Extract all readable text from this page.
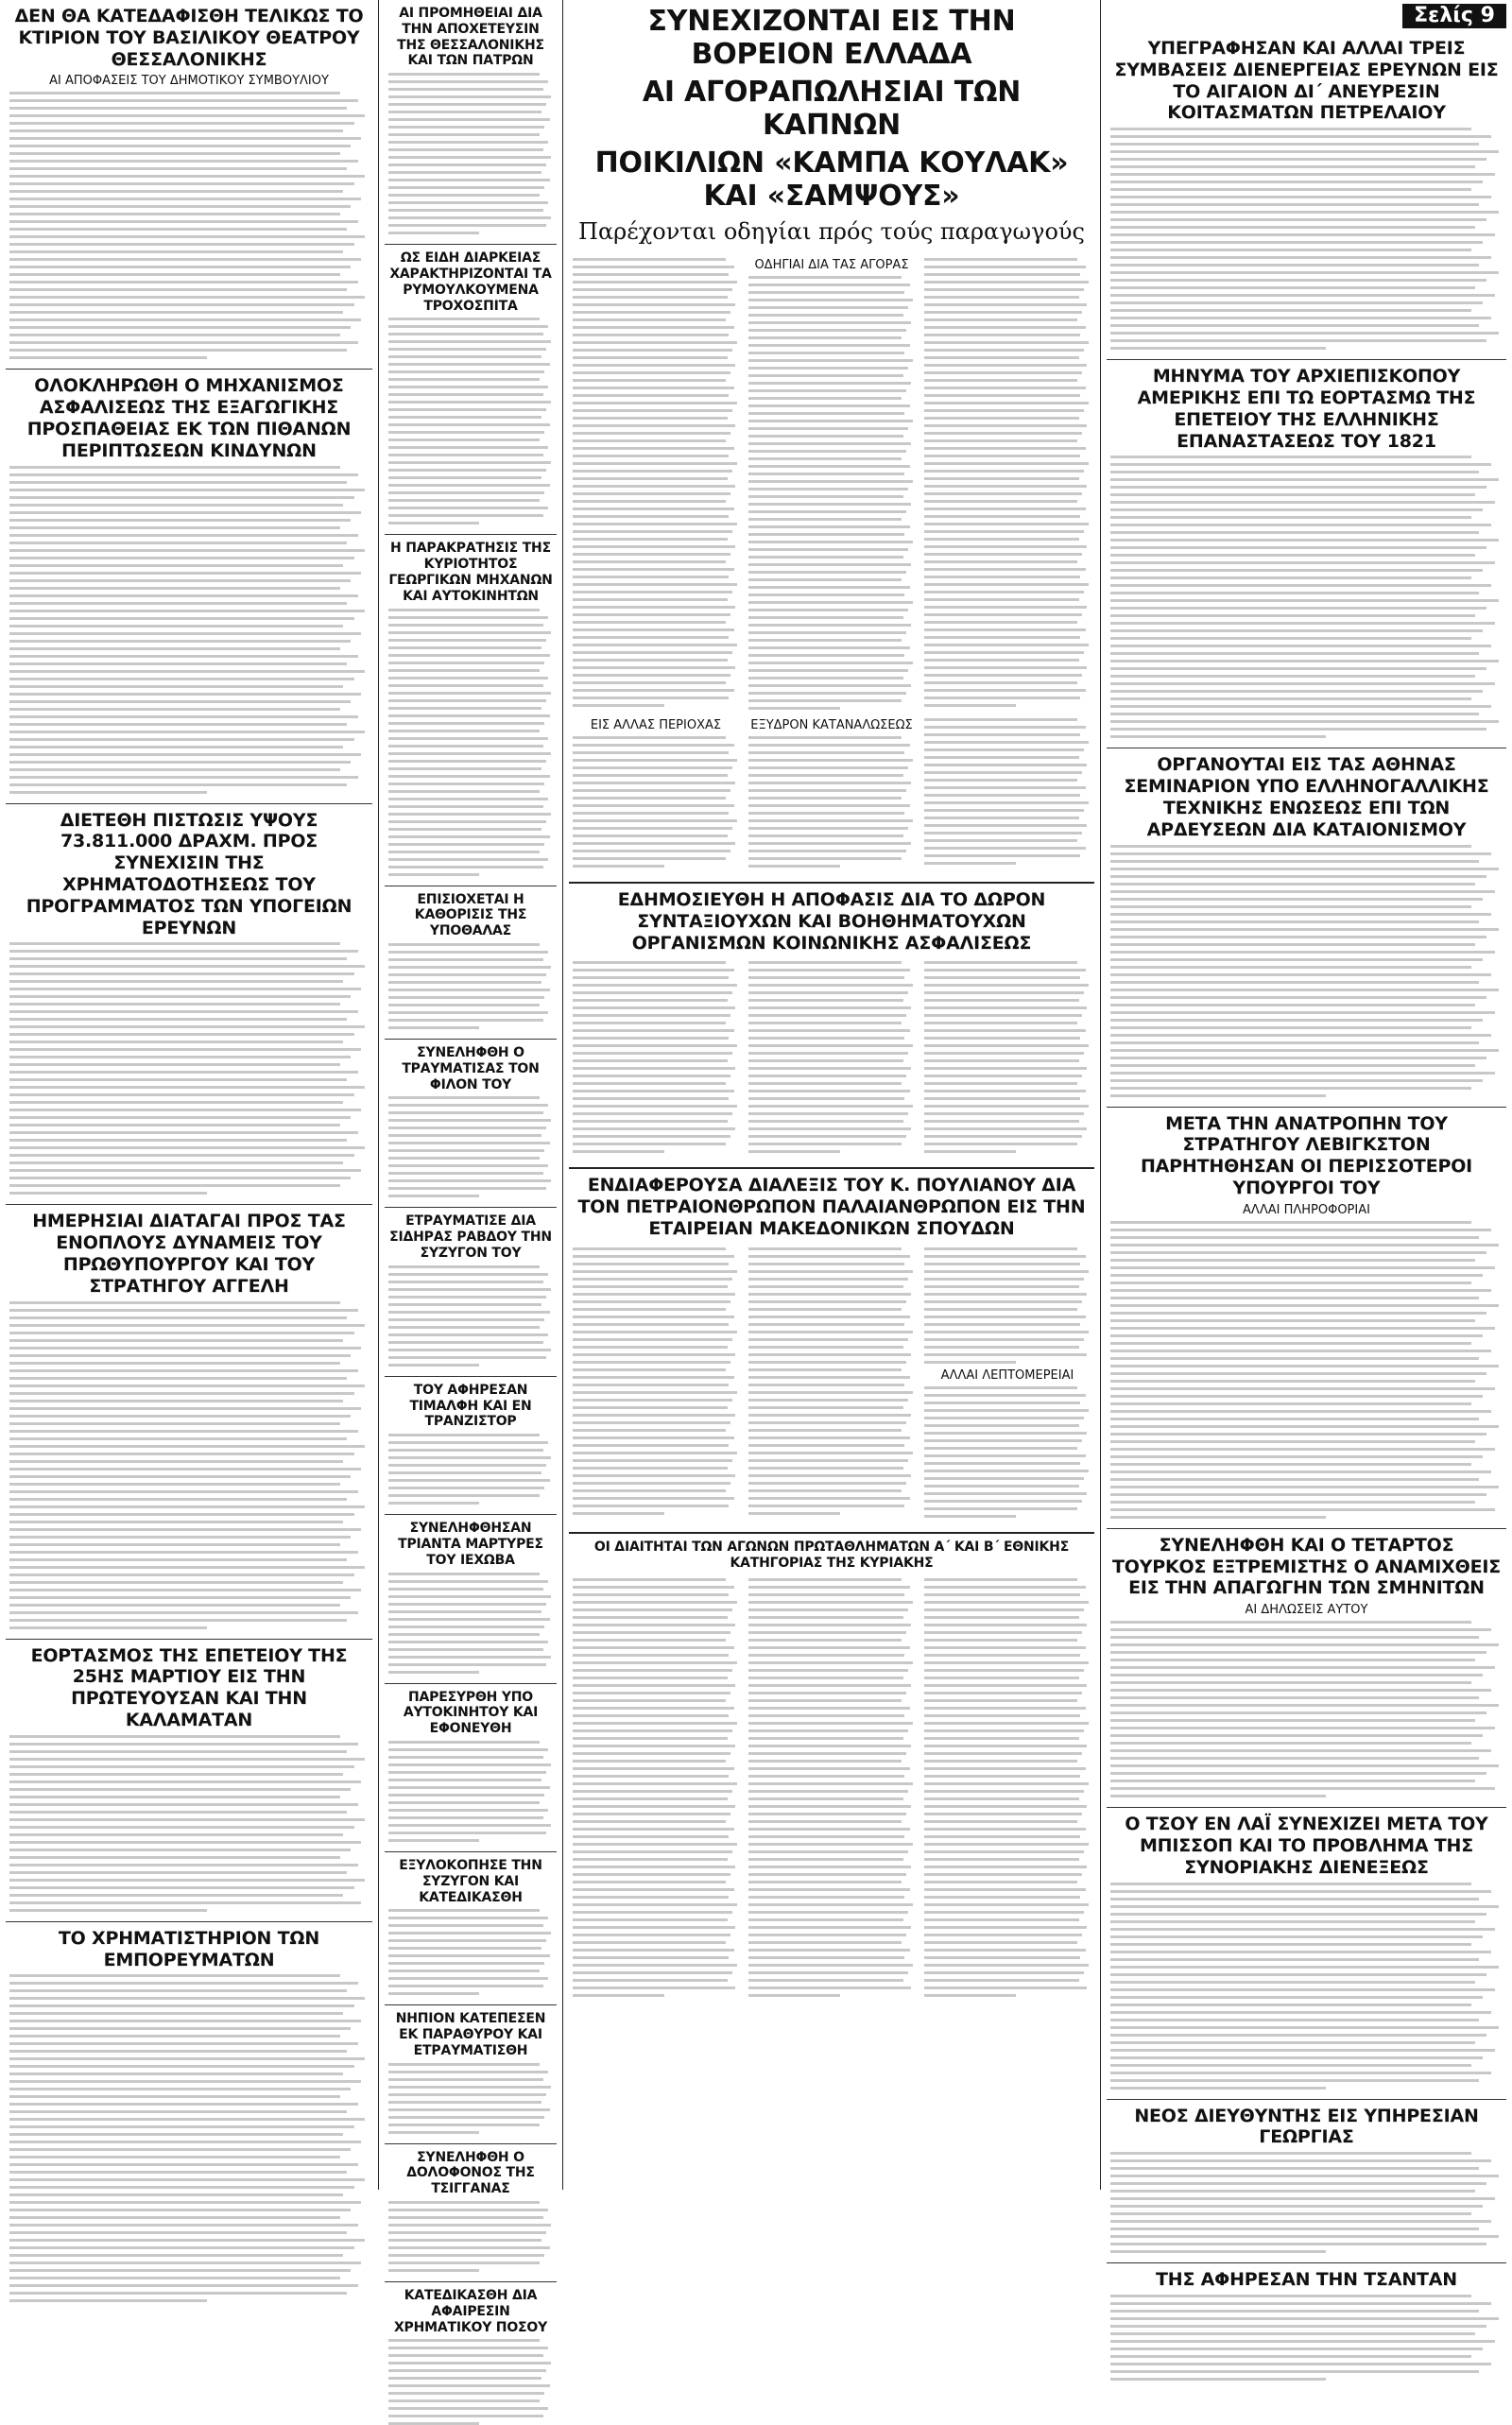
Σελίς 9
ΔΕΝ ΘΑ ΚΑΤΕΔΑΦΙΣΘΗ ΤΕΛΙΚΩΣ ΤΟ ΚΤΙΡΙΟΝ ΤΟΥ ΒΑΣΙΛΙΚΟΥ ΘΕΑΤΡΟΥ ΘΕΣΣΑΛΟΝΙΚΗΣ
ΑΙ ΑΠΟΦΑΣΕΙΣ ΤΟΥ ΔΗΜΟΤΙΚΟΥ ΣΥΜΒΟΥΛΙΟΥ
ΟΛΟΚΛΗΡΩΘΗ Ο ΜΗΧΑΝΙΣΜΟΣ ΑΣΦΑΛΙΣΕΩΣ ΤΗΣ ΕΞΑΓΩΓΙΚΗΣ ΠΡΟΣΠΑΘΕΙΑΣ ΕΚ ΤΩΝ ΠΙΘΑΝΩΝ ΠΕΡΙΠΤΩΣΕΩΝ ΚΙΝΔΥΝΩΝ
ΔΙΕΤΕΘΗ ΠΙΣΤΩΣΙΣ ΥΨΟΥΣ 73.811.000 ΔΡΑΧΜ. ΠΡΟΣ ΣΥΝΕΧΙΣΙΝ ΤΗΣ ΧΡΗΜΑΤΟΔΟΤΗΣΕΩΣ ΤΟΥ ΠΡΟΓΡΑΜΜΑΤΟΣ ΤΩΝ ΥΠΟΓΕΙΩΝ ΕΡΕΥΝΩΝ
ΗΜΕΡΗΣΙΑΙ ΔΙΑΤΑΓΑΙ ΠΡΟΣ ΤΑΣ ΕΝΟΠΛΟΥΣ ΔΥΝΑΜΕΙΣ ΤΟΥ ΠΡΩΘΥΠΟΥΡΓΟΥ ΚΑΙ ΤΟΥ ΣΤΡΑΤΗΓΟΥ ΑΓΓΕΛΗ
ΕΟΡΤΑΣΜΟΣ ΤΗΣ ΕΠΕΤΕΙΟΥ ΤΗΣ 25ΗΣ ΜΑΡΤΙΟΥ ΕΙΣ ΤΗΝ ΠΡΩΤΕΥΟΥΣΑΝ ΚΑΙ ΤΗΝ ΚΑΛΑΜΑΤΑΝ
ΤΟ ΧΡΗΜΑΤΙΣΤΗΡΙΟΝ ΤΩΝ ΕΜΠΟΡΕΥΜΑΤΩΝ
ΑΙ ΠΡΟΜΗΘΕΙΑΙ ΔΙΑ ΤΗΝ ΑΠΟΧΕΤΕΥΣΙΝ ΤΗΣ ΘΕΣΣΑΛΟΝΙΚΗΣ ΚΑΙ ΤΩΝ ΠΑΤΡΩΝ
ΩΣ ΕΙΔΗ ΔΙΑΡΚΕΙΑΣ ΧΑΡΑΚΤΗΡΙΖΟΝΤΑΙ ΤΑ ΡΥΜΟΥΛΚΟΥΜΕΝΑ ΤΡΟΧΟΣΠΙΤΑ
Η ΠΑΡΑΚΡΑΤΗΣΙΣ ΤΗΣ ΚΥΡΙΟΤΗΤΟΣ ΓΕΩΡΓΙΚΩΝ ΜΗΧΑΝΩΝ ΚΑΙ ΑΥΤΟΚΙΝΗΤΩΝ
ΕΠΙΣΙΟΧΕΤΑΙ Η ΚΑΘΟΡΙΣΙΣ ΤΗΣ ΥΠΟΘΑΛΑΣ
ΣΥΝΕΛΗΦΘΗ Ο ΤΡΑΥΜΑΤΙΣΑΣ ΤΟΝ ΦΙΛΟΝ ΤΟΥ
ΕΤΡΑΥΜΑΤΙΣΕ ΔΙΑ ΣΙΔΗΡΑΣ ΡΑΒΔΟΥ ΤΗΝ ΣΥΖΥΓΟΝ ΤΟΥ
ΤΟΥ ΑΦΗΡΕΣΑΝ ΤΙΜΑΛΦΗ ΚΑΙ ΕΝ ΤΡΑΝΖΙΣΤΟΡ
ΣΥΝΕΛΗΦΘΗΣΑΝ ΤΡΙΑΝΤΑ ΜΑΡΤΥΡΕΣ ΤΟΥ ΙΕΧΩΒΑ
ΠΑΡΕΣΥΡΘΗ ΥΠΟ ΑΥΤΟΚΙΝΗΤΟΥ ΚΑΙ ΕΦΟΝΕΥΘΗ
ΕΞΥΛΟΚΟΠΗΣΕ ΤΗΝ ΣΥΖΥΓΟΝ ΚΑΙ ΚΑΤΕΔΙΚΑΣΘΗ
ΝΗΠΙΟΝ ΚΑΤΕΠΕΣΕΝ ΕΚ ΠΑΡΑΘΥΡΟΥ ΚΑΙ ΕΤΡΑΥΜΑΤΙΣΘΗ
ΣΥΝΕΛΗΦΘΗ Ο ΔΟΛΟΦΟΝΟΣ ΤΗΣ ΤΣΙΓΓΑΝΑΣ
ΚΑΤΕΔΙΚΑΣΘΗ ΔΙΑ ΑΦΑΙΡΕΣΙΝ ΧΡΗΜΑΤΙΚΟΥ ΠΟΣΟΥ
ΣΥΝΕΧΙΖΟΝΤΑΙ ΕΙΣ ΤΗΝ ΒΟΡΕΙΟΝ ΕΛΛΑΔΑ
ΑΙ ΑΓΟΡΑΠΩΛΗΣΙΑΙ ΤΩΝ ΚΑΠΝΩΝ
ΠΟΙΚΙΛΙΩΝ «ΚΑΜΠΑ ΚΟΥΛΑΚ» ΚΑΙ «ΣΑΜΨΟΥΣ»
Παρέχονται οδηγίαι πρός τούς παραγωγούς
ΟΔΗΓΙΑΙ ΔΙΑ ΤΑΣ ΑΓΟΡΑΣ
ΕΙΣ ΑΛΛΑΣ ΠΕΡΙΟΧΑΣ	ΕΞΥΔΡΟΝ ΚΑΤΑΝΑΛΩΣΕΩΣ
ΕΔΗΜΟΣΙΕΥΘΗ Η ΑΠΟΦΑΣΙΣ ΔΙΑ ΤΟ ΔΩΡΟΝ ΣΥΝΤΑΞΙΟΥΧΩΝ ΚΑΙ ΒΟΗΘΗΜΑΤΟΥΧΩΝ ΟΡΓΑΝΙΣΜΩΝ ΚΟΙΝΩΝΙΚΗΣ ΑΣΦΑΛΙΣΕΩΣ
ΕΝΔΙΑΦΕΡΟΥΣΑ ΔΙΑΛΕΞΙΣ ΤΟΥ Κ. ΠΟΥΛΙΑΝΟΥ ΔΙΑ ΤΟΝ ΠΕΤΡΑΙΟΝΘΡΩΠΟΝ ΠΑΛΑΙΑΝΘΡΩΠΟΝ ΕΙΣ ΤΗΝ ΕΤΑΙΡΕΙΑΝ ΜΑΚΕΔΟΝΙΚΩΝ ΣΠΟΥΔΩΝ
ΑΛΛΑΙ ΛΕΠΤΟΜΕΡΕΙΑΙ
ΟΙ ΔΙΑΙΤΗΤΑΙ ΤΩΝ ΑΓΩΝΩΝ ΠΡΩΤΑΘΛΗΜΑΤΩΝ Α΄ ΚΑΙ Β΄ ΕΘΝΙΚΗΣ ΚΑΤΗΓΟΡΙΑΣ ΤΗΣ ΚΥΡΙΑΚΗΣ
ΥΠΕΓΡΑΦΗΣΑΝ ΚΑΙ ΑΛΛΑΙ ΤΡΕΙΣ ΣΥΜΒΑΣΕΙΣ ΔΙΕΝΕΡΓΕΙΑΣ ΕΡΕΥΝΩΝ ΕΙΣ ΤΟ ΑΙΓΑΙΟΝ ΔΙ΄ ΑΝΕΥΡΕΣΙΝ ΚΟΙΤΑΣΜΑΤΩΝ ΠΕΤΡΕΛΑΙΟΥ
ΜΗΝΥΜΑ ΤΟΥ ΑΡΧΙΕΠΙΣΚΟΠΟΥ ΑΜΕΡΙΚΗΣ ΕΠΙ ΤΩ ΕΟΡΤΑΣΜΩ ΤΗΣ ΕΠΕΤΕΙΟΥ ΤΗΣ ΕΛΛΗΝΙΚΗΣ ΕΠΑΝΑΣΤΑΣΕΩΣ ΤΟΥ 1821
ΟΡΓΑΝΟΥΤΑΙ ΕΙΣ ΤΑΣ ΑΘΗΝΑΣ ΣΕΜΙΝΑΡΙΟΝ ΥΠΟ ΕΛΛΗΝΟΓΑΛΛΙΚΗΣ ΤΕΧΝΙΚΗΣ ΕΝΩΣΕΩΣ ΕΠΙ ΤΩΝ ΑΡΔΕΥΣΕΩΝ ΔΙΑ ΚΑΤΑΙΟΝΙΣΜΟΥ
ΜΕΤΑ ΤΗΝ ΑΝΑΤΡΟΠΗΝ ΤΟΥ ΣΤΡΑΤΗΓΟΥ ΛΕΒΙΓΚΣΤΟΝ ΠΑΡΗΤΗΘΗΣΑΝ ΟΙ ΠΕΡΙΣΣΟΤΕΡΟΙ ΥΠΟΥΡΓΟΙ ΤΟΥ
ΑΛΛΑΙ ΠΛΗΡΟΦΟΡΙΑΙ
ΣΥΝΕΛΗΦΘΗ ΚΑΙ Ο ΤΕΤΑΡΤΟΣ ΤΟΥΡΚΟΣ ΕΞΤΡΕΜΙΣΤΗΣ Ο ΑΝΑΜΙΧΘΕΙΣ ΕΙΣ ΤΗΝ ΑΠΑΓΩΓΗΝ ΤΩΝ ΣΜΗΝΙΤΩΝ
ΑΙ ΔΗΛΩΣΕΙΣ ΑΥΤΟΥ
Ο ΤΣΟΥ ΕΝ ΛΑΪ ΣΥΝΕΧΙΖΕΙ ΜΕΤΑ ΤΟΥ ΜΠΙΣΣΟΠ ΚΑΙ ΤΟ ΠΡΟΒΛΗΜΑ ΤΗΣ ΣΥΝΟΡΙΑΚΗΣ ΔΙΕΝΕΞΕΩΣ
ΝΕΟΣ ΔΙΕΥΘΥΝΤΗΣ ΕΙΣ ΥΠΗΡΕΣΙΑΝ ΓΕΩΡΓΙΑΣ
ΤΗΣ ΑΦΗΡΕΣΑΝ ΤΗΝ ΤΣΑΝΤΑΝ
